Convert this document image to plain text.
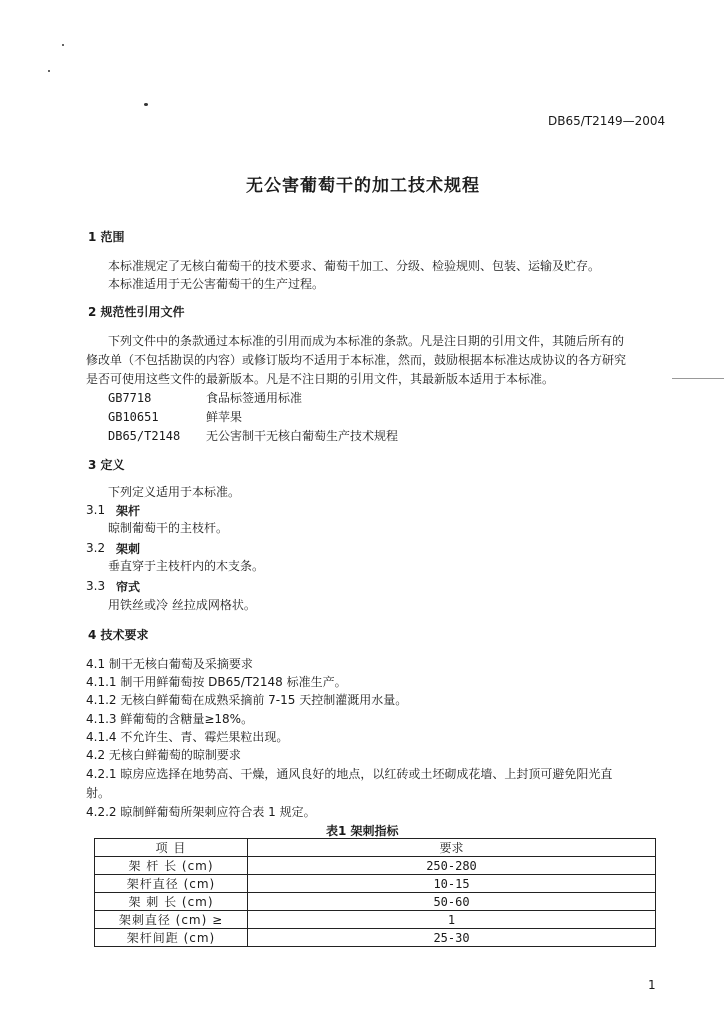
DB65/T2149—2004
无公害葡萄干的加工技术规程
1 范围
本标准规定了无核白葡萄干的技术要求、葡萄干加工、分级、检验规则、包装、运输及贮存。
本标准适用于无公害葡萄干的生产过程。
2 规范性引用文件
下列文件中的条款通过本标准的引用而成为本标准的条款。凡是注日期的引用文件，其随后所有的
修改单（不包括勘误的内容）或修订版均不适用于本标准，然而，鼓励根据本标准达成协议的各方研究
是否可使用这些文件的最新版本。凡是不注日期的引用文件，其最新版本适用于本标准。
GB7718	食品标签通用标准
GB10651	鲜苹果
DB65/T2148 无公害制干无核白葡萄生产技术规程
3 定义
下列定义适用于本标准。
3.1 架杆
晾制葡萄干的主枝杆。
3.2 架刺
垂直穿于主枝杆内的木支条。
3.3 帘式
用铁丝或冷 丝拉成网格状。
4 技术要求
4.1 制干无核白葡萄及采摘要求
4.1.1 制干用鲜葡萄按 DB65/T2148 标准生产。
4.1.2 无核白鲜葡萄在成熟采摘前 7-15 天控制灌溉用水量。
4.1.3 鲜葡萄的含糖量≥18%。
4.1.4 不允许生、青、霉烂果粒出现。
4.2 无核白鲜葡萄的晾制要求
4.2.1 晾房应选择在地势高、干燥，通风良好的地点，以红砖或土坯砌成花墙、上封顶可避免阳光直
射。
4.2.2 晾制鲜葡萄所架刺应符合表 1 规定。
表1 架刺指标
项 目	要求
架 杆 长 (cm)	250-280
架杆直径 (cm)	10-15
架 刺 长 (cm)	50-60
架刺直径 (cm) ≥	1
架杆间距 (cm)	25-30
1
